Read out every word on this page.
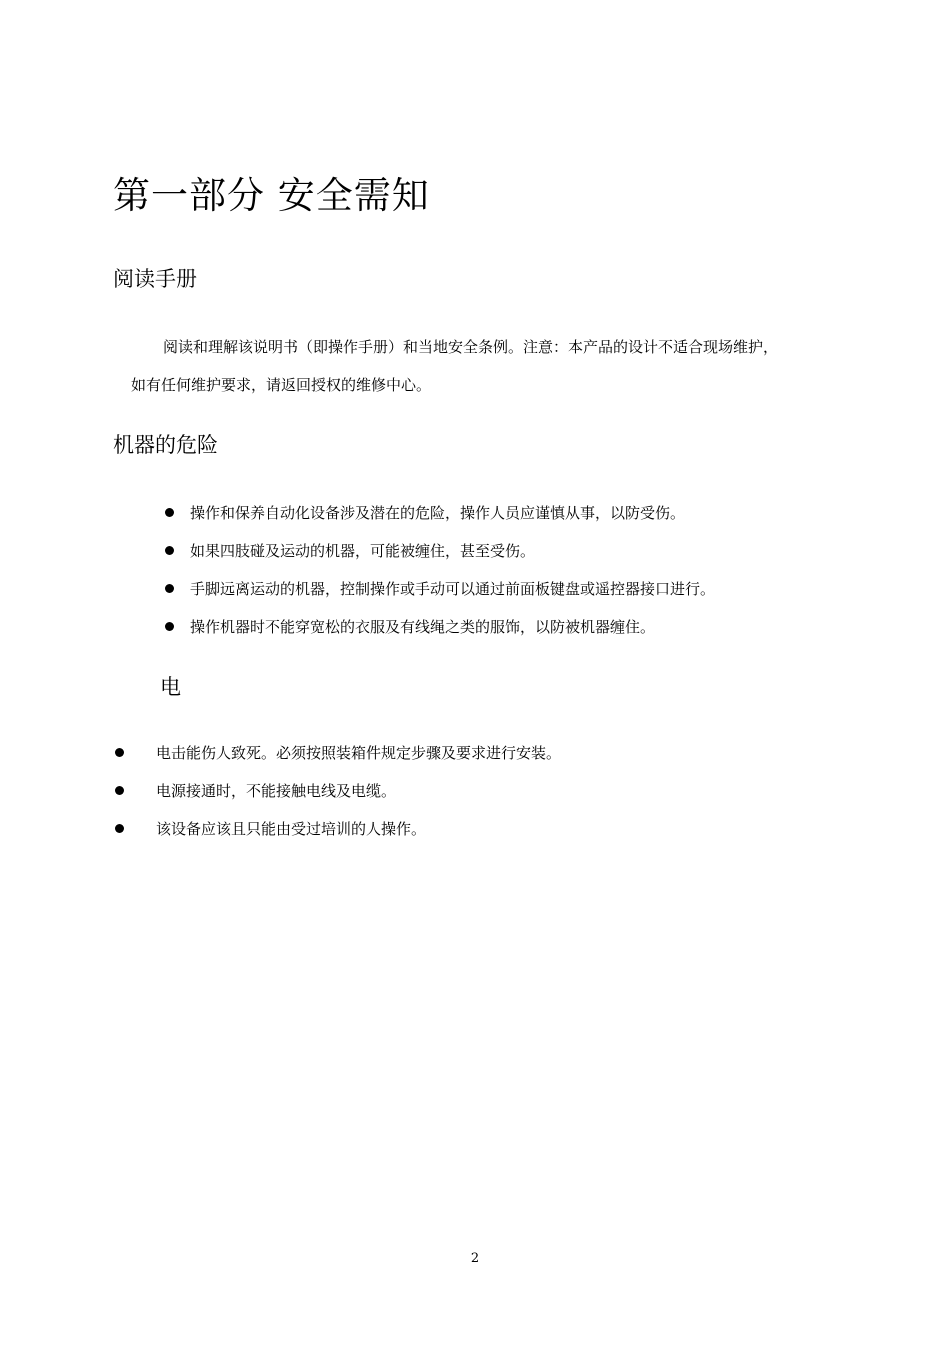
第一部分 安全需知
阅读手册

阅读和理解该说明书（即操作手册）和当地安全条例。注意：本产品的设计不适合现场维护，

如有任何维护要求，请返回授权的维修中心。

机器的危险
操作和保养自动化设备涉及潜在的危险，操作人员应谨慎从事，以防受伤。
如果四肢碰及运动的机器，可能被缠住，甚至受伤。
手脚远离运动的机器，控制操作或手动可以通过前面板键盘或遥控器接口进行。
操作机器时不能穿宽松的衣服及有线绳之类的服饰，以防被机器缠住。
电
电击能伤人致死。必须按照装箱件规定步骤及要求进行安装。
电源接通时，不能接触电线及电缆。
该设备应该且只能由受过培训的人操作。
2
